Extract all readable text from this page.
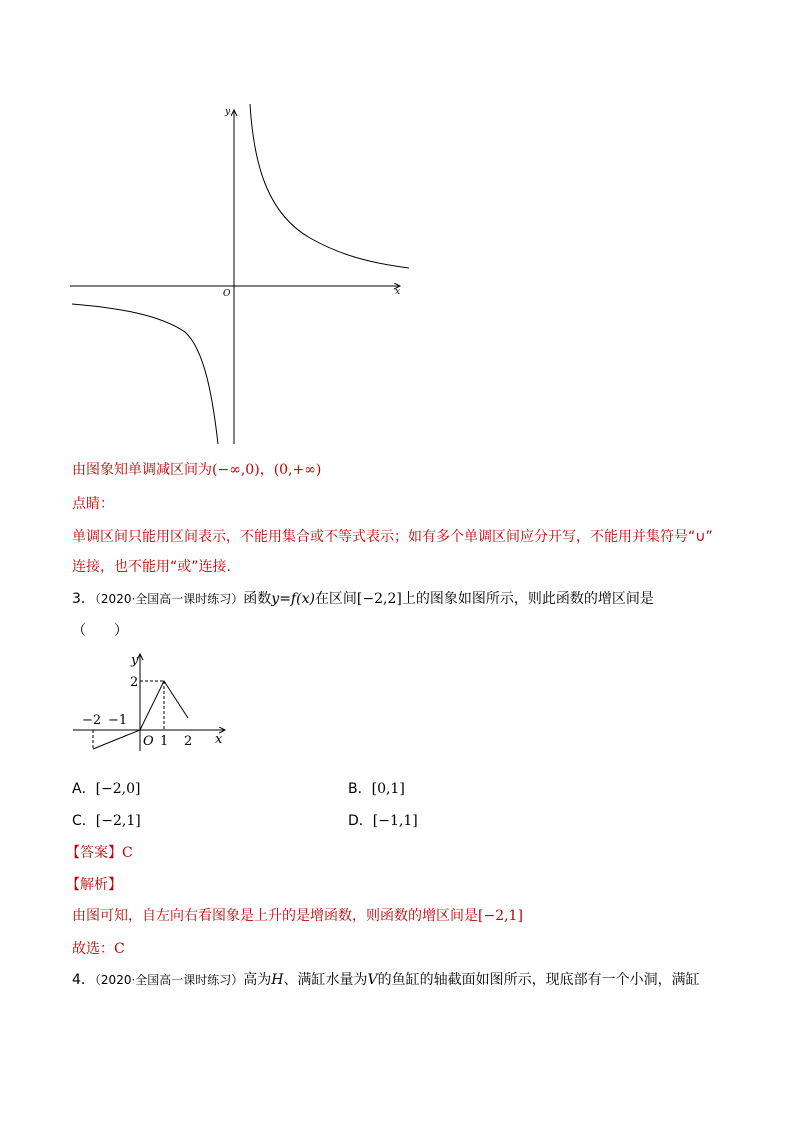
y
x
O
由图象知单调减区间为(−∞,0)，(0,+∞)
点睛：
单调区间只能用区间表示，不能用集合或不等式表示；如有多个单调区间应分开写，不能用并集符号“∪”
连接，也不能用“或”连接．
3．（2020·全国高一课时练习）函数y=f(x)在区间[−2,2]上的图象如图所示，则此函数的增区间是
（　　）
y
x
O
2
−2 −1
1 2
A．[−2,0]	B．[0,1]
C．[−2,1]	D．[−1,1]
【答案】C
【解析】
由图可知，自左向右看图象是上升的是增函数，则函数的增区间是[−2,1]
故选：C
4．（2020·全国高一课时练习）高为H、满缸水量为V的鱼缸的轴截面如图所示，现底部有一个小洞，满缸
